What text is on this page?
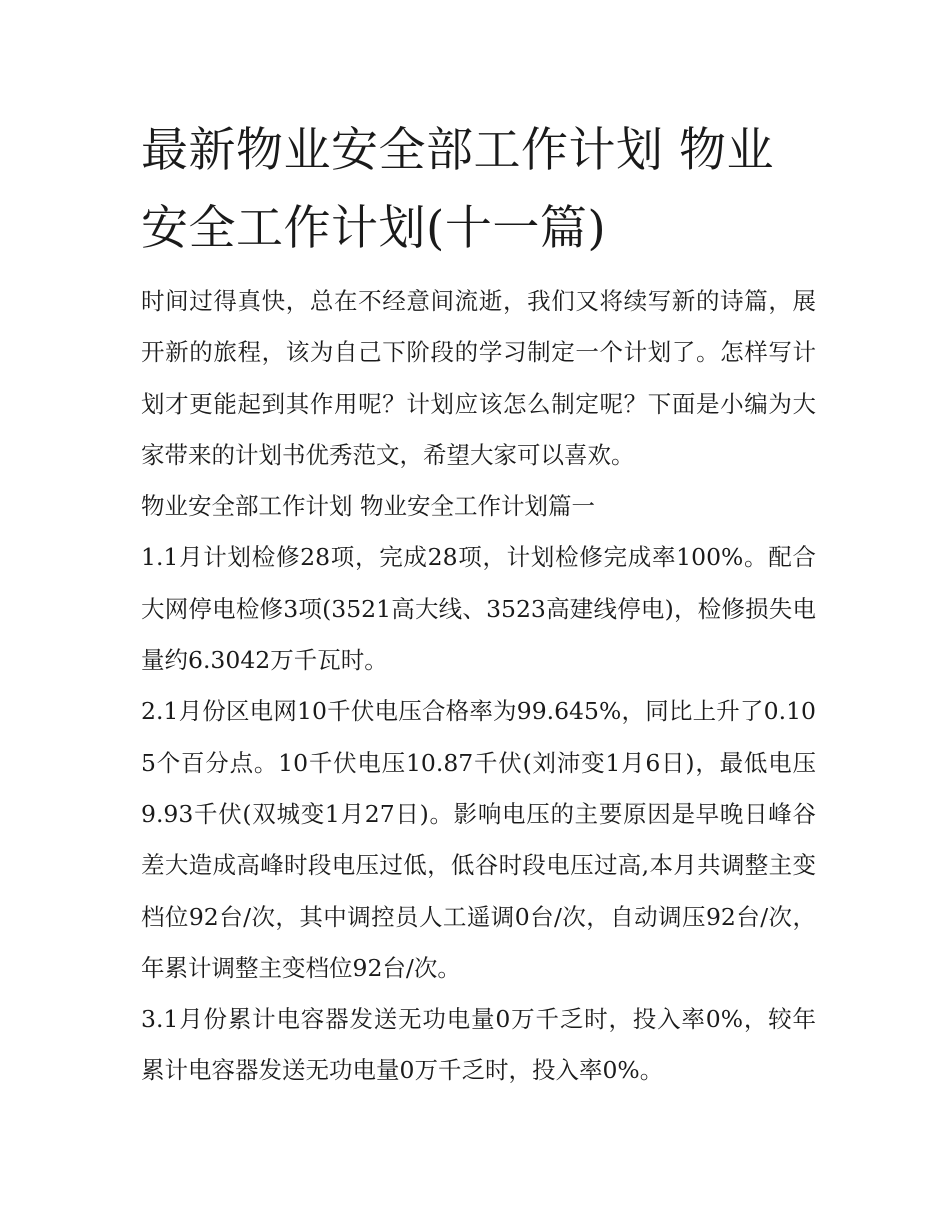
最新物业安全部工作计划 物业安全工作计划(十一篇)

时间过得真快，总在不经意间流逝，我们又将续写新的诗篇，展开新的旅程，该为自己下阶段的学习制定一个计划了。怎样写计划才更能起到其作用呢？计划应该怎么制定呢？下面是小编为大家带来的计划书优秀范文，希望大家可以喜欢。

物业安全部工作计划 物业安全工作计划篇一

1.1月计划检修28项，完成28项，计划检修完成率100%。配合大网停电检修3项(3521高大线、3523高建线停电)，检修损失电量约6.3042万千瓦时。

2.1月份区电网10千伏电压合格率为99.645%，同比上升了0.105个百分点。10千伏电压10.87千伏(刘沛变1月6日)，最低电压9.93千伏(双城变1月27日)。影响电压的主要原因是早晚日峰谷差大造成高峰时段电压过低，低谷时段电压过高,本月共调整主变档位92台/次，其中调控员人工遥调0台/次，自动调压92台/次，年累计调整主变档位92台/次。

3.1月份累计电容器发送无功电量0万千乏时，投入率0%，较年累计电容器发送无功电量0万千乏时，投入率0%。
